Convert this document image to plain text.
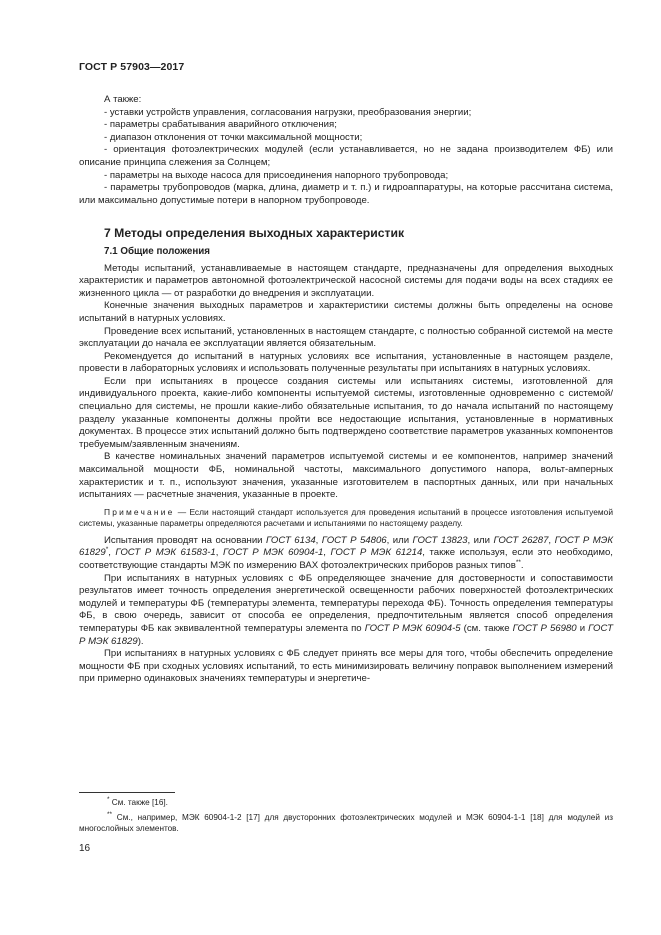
ГОСТ Р 57903—2017

А также:

- уставки устройств управления, согласования нагрузки, преобразования энергии;

- параметры срабатывания аварийного отключения;

- диапазон отклонения от точки максимальной мощности;

- ориентация фотоэлектрических модулей (если устанавливается, но не задана производителем ФБ) или описание принципа слежения за Солнцем;

- параметры на выходе насоса для присоединения напорного трубопровода;

- параметры трубопроводов (марка, длина, диаметр и т. п.) и гидроаппаратуры, на которые рассчитана система, или максимально допустимые потери в напорном трубопроводе.

7 Методы определения выходных характеристик

7.1 Общие положения

Методы испытаний, устанавливаемые в настоящем стандарте, предназначены для определения выходных характеристик и параметров автономной фотоэлектрической насосной системы для подачи воды на всех стадиях ее жизненного цикла — от разработки до внедрения и эксплуатации.

Конечные значения выходных параметров и характеристики системы должны быть определены на основе испытаний в натурных условиях.

Проведение всех испытаний, установленных в настоящем стандарте, с полностью собранной системой на месте эксплуатации до начала ее эксплуатации является обязательным.

Рекомендуется до испытаний в натурных условиях все испытания, установленные в настоящем разделе, провести в лабораторных условиях и использовать полученные результаты при испытаниях в натурных условиях.

Если при испытаниях в процессе создания системы или испытаниях системы, изготовленной для индивидуального проекта, какие-либо компоненты испытуемой системы, изготовленные одновременно с системой/специально для системы, не прошли какие-либо обязательные испытания, то до начала испытаний по настоящему разделу указанные компоненты должны пройти все недостающие испытания, установленные в нормативных документах. В процессе этих испытаний должно быть подтверждено соответствие параметров указанных компонентов требуемым/заявленным значениям.

В качестве номинальных значений параметров испытуемой системы и ее компонентов, например значений максимальной мощности ФБ, номинальной частоты, максимального допустимого напора, вольт-амперных характеристик и т. п., используют значения, указанные изготовителем в паспортных данных, или при начальных испытаниях — расчетные значения, указанные в проекте.

Примечание — Если настоящий стандарт используется для проведения испытаний в процессе изготовления испытуемой системы, указанные параметры определяются расчетами и испытаниями по настоящему разделу.

Испытания проводят на основании ГОСТ 6134, ГОСТ Р 54806, или ГОСТ 13823, или ГОСТ 26287, ГОСТ Р МЭК 61829*, ГОСТ Р МЭК 61583-1, ГОСТ Р МЭК 60904-1, ГОСТ Р МЭК 61214, также используя, если это необходимо, соответствующие стандарты МЭК по измерению ВАХ фотоэлектрических приборов разных типов**.

При испытаниях в натурных условиях с ФБ определяющее значение для достоверности и сопоставимости результатов имеет точность определения энергетической освещенности рабочих поверхностей фотоэлектрических модулей и температуры ФБ (температуры элемента, температуры перехода ФБ). Точность определения температуры ФБ, в свою очередь, зависит от способа ее определения, предпочтительным является способ определения температуры ФБ как эквивалентной температуры элемента по ГОСТ Р МЭК 60904-5 (см. также ГОСТ Р 56980 и ГОСТ Р МЭК 61829).

При испытаниях в натурных условиях с ФБ следует принять все меры для того, чтобы обеспечить определение мощности ФБ при сходных условиях испытаний, то есть минимизировать величину поправок выполнением измерений при примерно одинаковых значениях температуры и энергетиче-

* См. также [16].

** См., например, МЭК 60904-1-2 [17] для двусторонних фотоэлектрических модулей и МЭК 60904-1-1 [18] для модулей из многослойных элементов.

16
